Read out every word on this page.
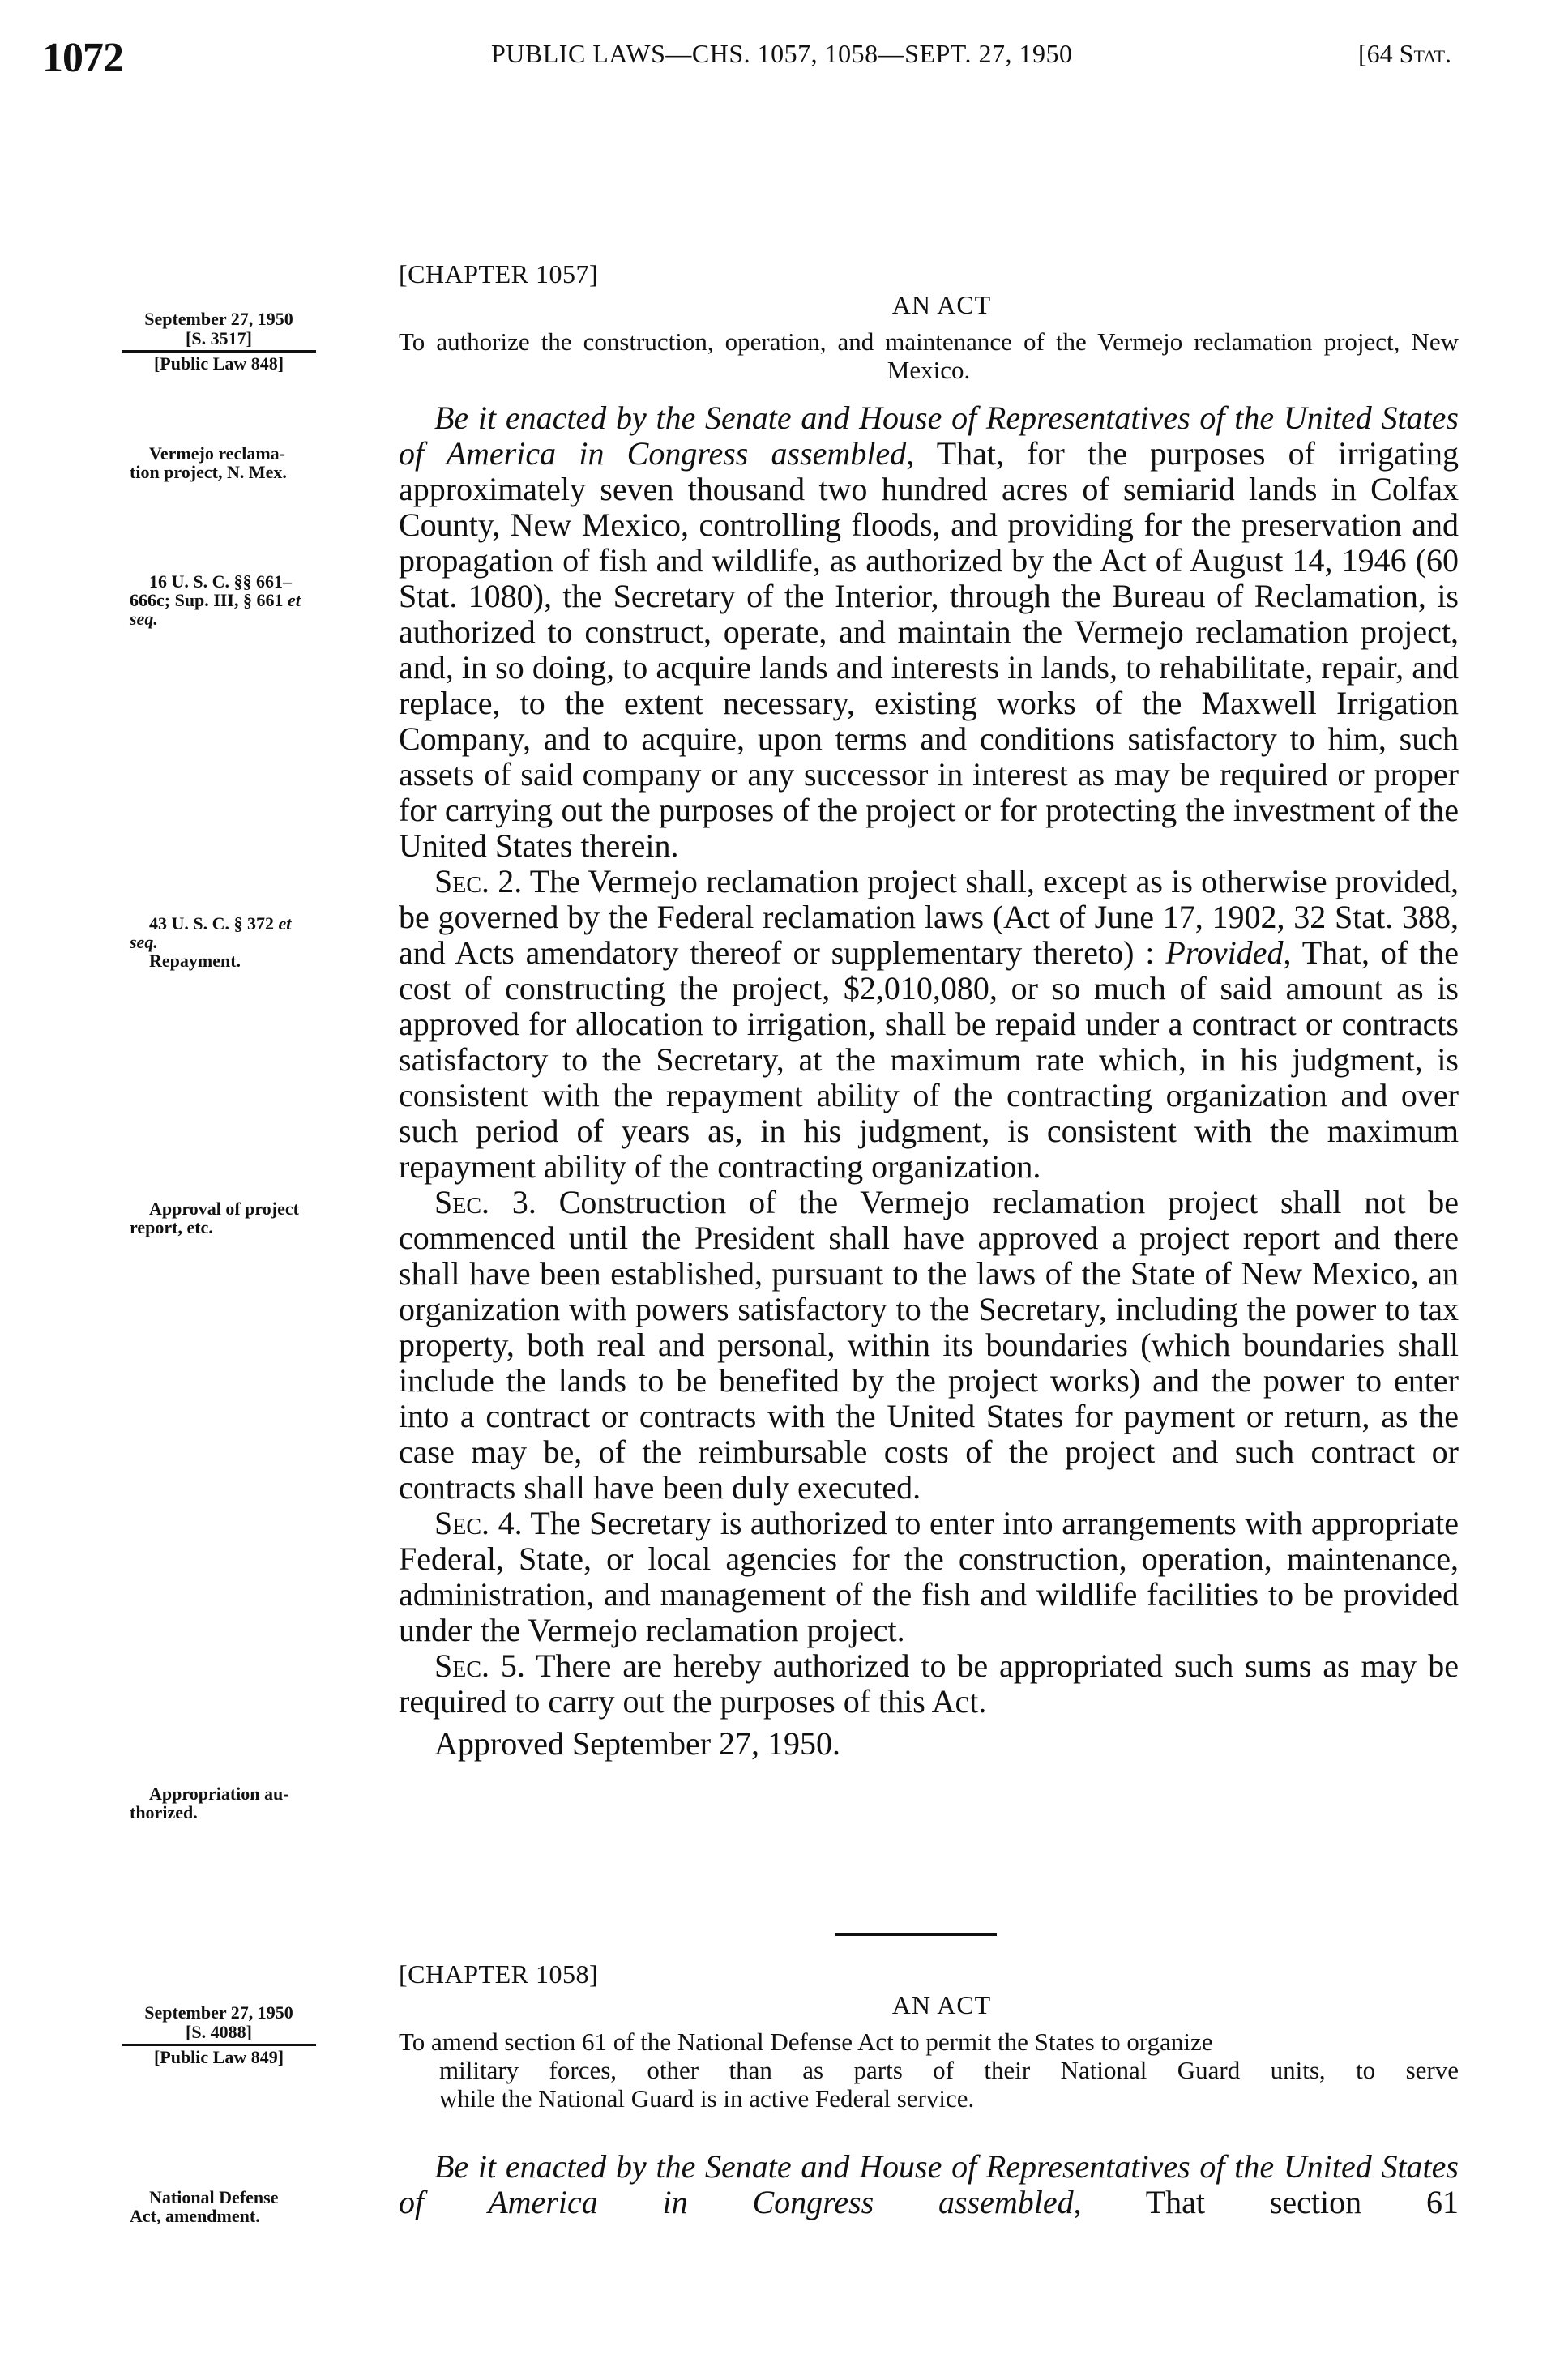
1072	PUBLIC LAWS—CHS. 1057, 1058—SEPT. 27, 1950	[64 Stat.
[CHAPTER 1057]
AN ACT
To authorize the construction, operation, and maintenance of the Vermejo reclamation project, New Mexico.
September 27, 1950
[S. 3517]
[Public Law 848]
Vermejo reclama-
tion project, N. Mex.
16 U. S. C. §§ 661–
666c; Sup. III, § 661 et
seq.
43 U. S. C. § 372 et
seq.
Repayment.
Approval of project
report, etc.
Appropriation au-
thorized.

Be it enacted by the Senate and House of Representatives of the United States of America in Congress assembled, That, for the purposes of irrigating approximately seven thousand two hundred acres of semiarid lands in Colfax County, New Mexico, controlling floods, and providing for the preservation and propagation of fish and wildlife, as authorized by the Act of August 14, 1946 (60 Stat. 1080), the Secretary of the Interior, through the Bureau of Reclamation, is authorized to construct, operate, and maintain the Vermejo reclamation project, and, in so doing, to acquire lands and interests in lands, to rehabilitate, repair, and replace, to the extent necessary, existing works of the Maxwell Irrigation Company, and to acquire, upon terms and conditions satisfactory to him, such assets of said company or any successor in interest as may be required or proper for carrying out the purposes of the project or for protecting the investment of the United States therein.

Sec. 2. The Vermejo reclamation project shall, except as is otherwise provided, be governed by the Federal reclamation laws (Act of June 17, 1902, 32 Stat. 388, and Acts amendatory thereof or supplementary thereto) : Provided, That, of the cost of constructing the project, $2,010,080, or so much of said amount as is approved for allocation to irrigation, shall be repaid under a contract or contracts satisfactory to the Secretary, at the maximum rate which, in his judgment, is consistent with the repayment ability of the contracting organization and over such period of years as, in his judgment, is consistent with the maximum repayment ability of the contracting organization.

Sec. 3. Construction of the Vermejo reclamation project shall not be commenced until the President shall have approved a project report and there shall have been established, pursuant to the laws of the State of New Mexico, an organization with powers satisfactory to the Secretary, including the power to tax property, both real and personal, within its boundaries (which boundaries shall include the lands to be benefited by the project works) and the power to enter into a contract or contracts with the United States for payment or return, as the case may be, of the reimbursable costs of the project and such contract or contracts shall have been duly executed.

Sec. 4. The Secretary is authorized to enter into arrangements with appropriate Federal, State, or local agencies for the construction, operation, maintenance, administration, and management of the fish and wildlife facilities to be provided under the Vermejo reclamation project.

Sec. 5. There are hereby authorized to be appropriated such sums as may be required to carry out the purposes of this Act.

Approved September 27, 1950.

[CHAPTER 1058]
AN ACT
To amend section 61 of the National Defense Act to permit the States to organize
military forces, other than as parts of their National Guard units, to serve
while the National Guard is in active Federal service.
September 27, 1950
[S. 4088]
[Public Law 849]
National Defense
Act, amendment.

Be it enacted by the Senate and House of Representatives of the United States of America in Congress assembled, That section 61
